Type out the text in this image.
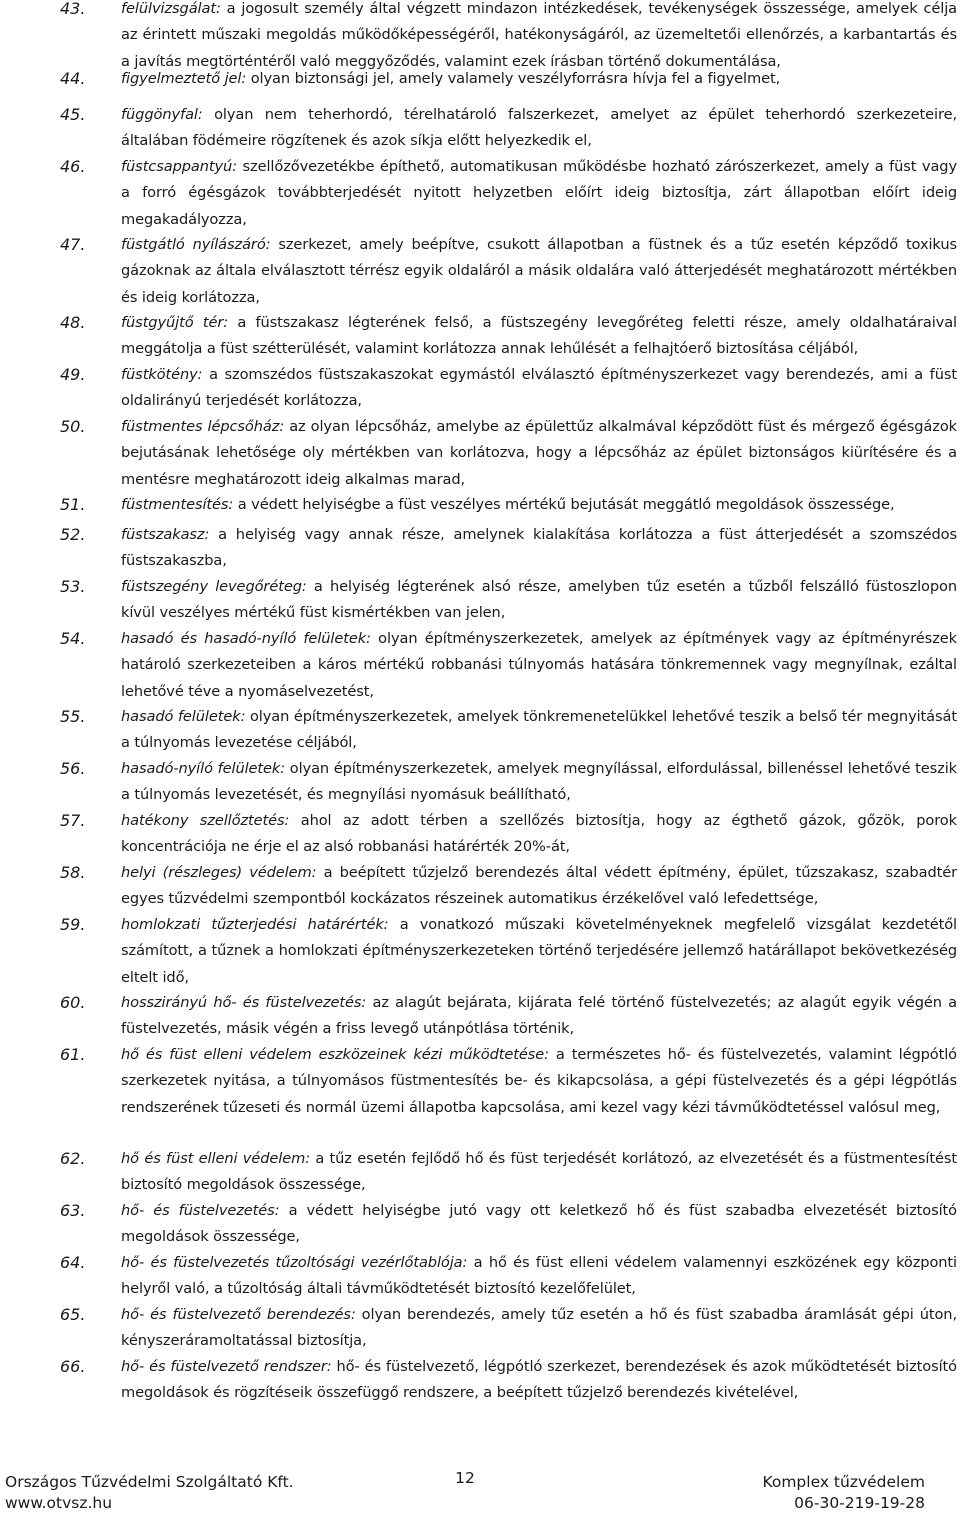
43. felülvizsgálat: a jogosult személy által végzett mindazon intézkedések, tevékenységek összessége, amelyek célja az érintett műszaki megoldás működőképességéről, hatékonyságáról, az üzemeltetői ellenőrzés, a karbantartás és a javítás megtörténtéről való meggyőződés, valamint ezek írásban történő dokumentálása,
44. figyelmeztető jel: olyan biztonsági jel, amely valamely veszélyforrásra hívja fel a figyelmet,
45. függönyfal: olyan nem teherhordó, térelhatároló falszerkezet, amelyet az épület teherhordó szerkezeteire, általában födémeire rögzítenek és azok síkja előtt helyezkedik el,
46. füstcsappantyú: szellőzővezetékbe építhető, automatikusan működésbe hozható zárószerkezet, amely a füst vagy a forró égésgázok továbbterjedését nyitott helyzetben előírt ideig biztosítja, zárt állapotban előírt ideig megakadályozza,
47. füstgátló nyílászáró: szerkezet, amely beépítve, csukott állapotban a füstnek és a tűz esetén képződő toxikus gázoknak az általa elválasztott térrész egyik oldaláról a másik oldalára való átterjedését meghatározott mértékben és ideig korlátozza,
48. füstgyűjtő tér: a füstszakasz légterének felső, a füstszegény levegőréteg feletti része, amely oldalhatáraival meggátolja a füst szétterülését, valamint korlátozza annak lehűlését a felhajtóerő biztosítása céljából,
49. füstkötény: a szomszédos füstszakaszokat egymástól elválasztó építményszerkezet vagy berendezés, ami a füst oldalirányú terjedését korlátozza,
50. füstmentes lépcsőház: az olyan lépcsőház, amelybe az épülettűz alkalmával képződött füst és mérgező égésgázok bejutásának lehetősége oly mértékben van korlátozva, hogy a lépcsőház az épület biztonságos kiürítésére és a mentésre meghatározott ideig alkalmas marad,
51. füstmentesítés: a védett helyiségbe a füst veszélyes mértékű bejutását meggátló megoldások összessége,
52. füstszakasz: a helyiség vagy annak része, amelynek kialakítása korlátozza a füst átterjedését a szomszédos füstszakaszba,
53. füstszegény levegőréteg: a helyiség légterének alsó része, amelyben tűz esetén a tűzből felszálló füstoszlopon kívül veszélyes mértékű füst kismértékben van jelen,
54. hasadó és hasadó-nyíló felületek: olyan építményszerkezetek, amelyek az építmények vagy az építményrészek határoló szerkezeteiben a káros mértékű robbanási túlnyomás hatására tönkremennek vagy megnyílnak, ezáltal lehetővé téve a nyomáselvezetést,
55. hasadó felületek: olyan építményszerkezetek, amelyek tönkremenetelükkel lehetővé teszik a belső tér megnyitását a túlnyomás levezetése céljából,
56. hasadó-nyíló felületek: olyan építményszerkezetek, amelyek megnyílással, elfordulással, billenéssel lehetővé teszik a túlnyomás levezetését, és megnyílási nyomásuk beállítható,
57. hatékony szellőztetés: ahol az adott térben a szellőzés biztosítja, hogy az égthető gázok, gőzök, porok koncentrációja ne érje el az alsó robbanási határérték 20%-át,
58. helyi (részleges) védelem: a beépített tűzjelző berendezés által védett építmény, épület, tűzszakasz, szabadtér egyes tűzvédelmi szempontból kockázatos részeinek automatikus érzékelővel való lefedettsége,
59. homlokzati tűzterjedési határérték: a vonatkozó műszaki követelményeknek megfelelő vizsgálat kezdetétől számított, a tűznek a homlokzati építményszerkezeteken történő terjedésére jellemző határállapot bekövetkezéség eltelt idő,
60. hosszirányú hő- és füstelvezetés: az alagút bejárata, kijárata felé történő füstelvezetés; az alagút egyik végén a füstelvezetés, másik végén a friss levegő utánpótlása történik,
61. hő és füst elleni védelem eszközeinek kézi működtetése: a természetes hő- és füstelvezetés, valamint légpótló szerkezetek nyitása, a túlnyomásos füstmentesítés be- és kikapcsolása, a gépi füstelvezetés és a gépi légpótlás rendszerének tűzeseti és normál üzemi állapotba kapcsolása, ami kezel vagy kézi távműködtetéssel valósul meg,
62. hő és füst elleni védelem: a tűz esetén fejlődő hő és füst terjedését korlátozó, az elvezetését és a füstmentesítést biztosító megoldások összessége,
63. hő- és füstelvezetés: a védett helyiségbe jutó vagy ott keletkező hő és füst szabadba elvezetését biztosító megoldások összessége,
64. hő- és füstelvezetés tűzoltósági vezérlőtablója: a hő és füst elleni védelem valamennyi eszközének egy központi helyről való, a tűzoltóság általi távműködtetését biztosító kezelőfelület,
65. hő- és füstelvezető berendezés: olyan berendezés, amely tűz esetén a hő és füst szabadba áramlását gépi úton, kényszeráramoltatással biztosítja,
66. hő- és füstelvezető rendszer: hő- és füstelvezető, légpótló szerkezet, berendezések és azok működtetését biztosító megoldások és rögzítéseik összefüggő rendszere, a beépített tűzjelző berendezés kivételével,
Országos Tűzvédelmi Szolgáltató Kft.
www.otvsz.hu
12	Komplex tűzvédelem
06-30-219-19-28
